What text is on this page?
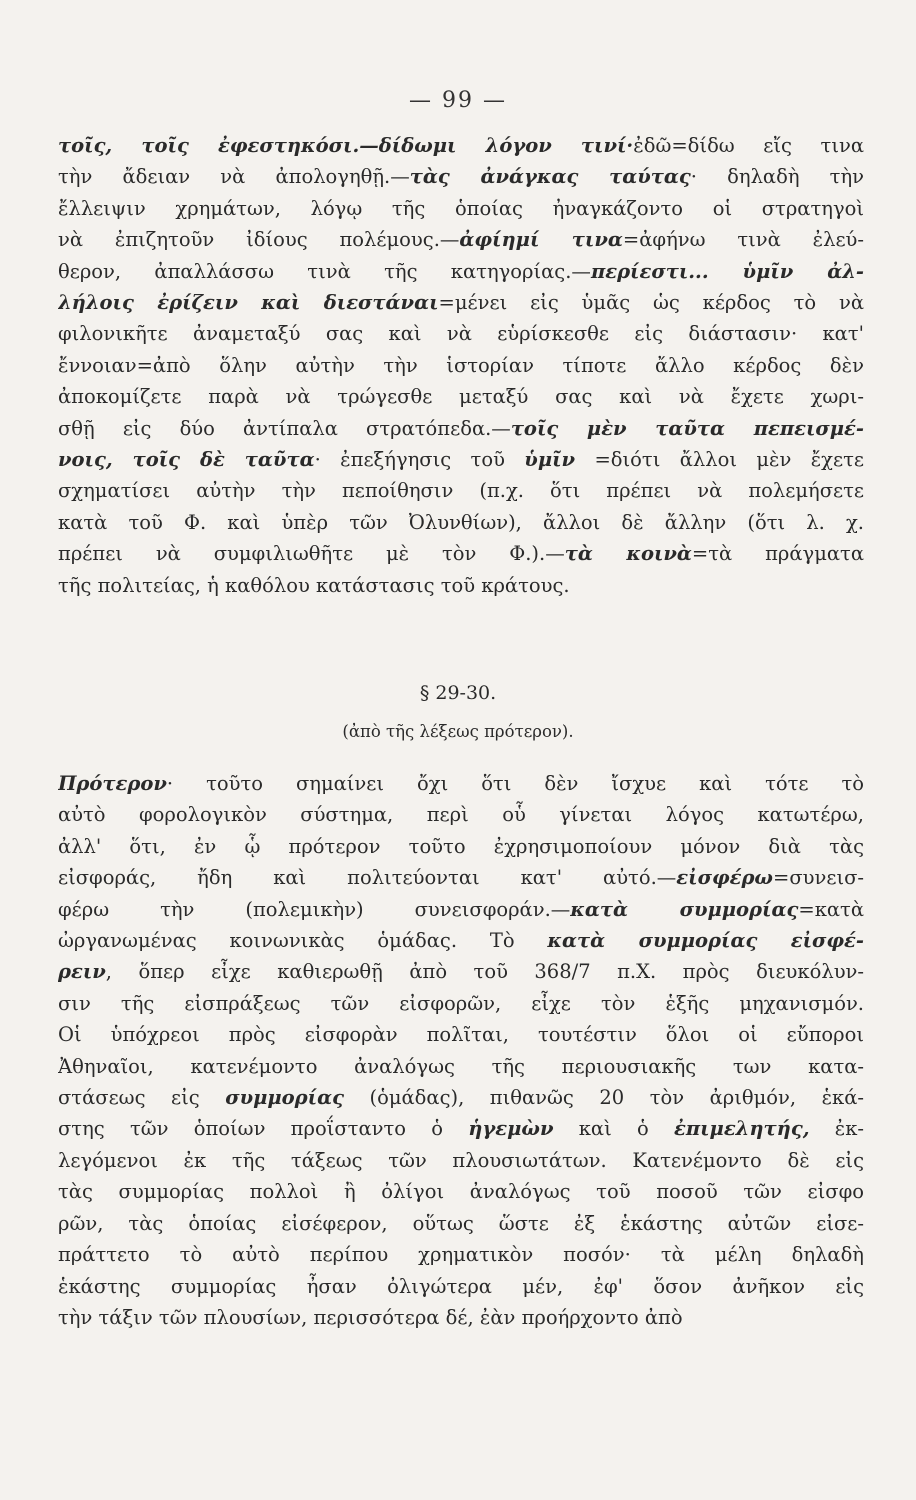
— 99 —
τοῖς, τοῖς ἐφεστηκόσι.—δίδωμι λόγον τινί·ἐδῶ=δίδω εἴς τινα
τὴν ἄδειαν νὰ ἀπολογηθῇ.—τὰς ἀνάγκας ταύτας· δηλαδὴ τὴν
ἔλλειψιν χρημάτων, λόγῳ τῆς ὁποίας ἠναγκάζοντο οἱ στρατηγοὶ
νὰ ἐπιζητοῦν ἰδίους πολέμους.—ἀφίημί τινα=ἀφήνω τινὰ ἐλεύ-
θερον, ἀπαλλάσσω τινὰ τῆς κατηγορίας.—περίεστι... ὑμῖν ἀλ-
λήλοις ἐρίζειν καὶ διεστάναι=μένει εἰς ὑμᾶς ὡς κέρδος τὸ νὰ
φιλονικῆτε ἀναμεταξύ σας καὶ νὰ εὑρίσκεσθε εἰς διάστασιν· κατ'
ἔννοιαν=ἀπὸ ὅλην αὐτὴν τὴν ἱστορίαν τίποτε ἄλλο κέρδος δὲν
ἀποκομίζετε παρὰ νὰ τρώγεσθε μεταξύ σας καὶ νὰ ἔχετε χωρι-
σθῇ εἰς δύο ἀντίπαλα στρατόπεδα.—τοῖς μὲν ταῦτα πεπεισμέ-
νοις, τοῖς δὲ ταῦτα· ἐπεξήγησις τοῦ ὑμῖν =διότι ἄλλοι μὲν ἔχετε
σχηματίσει αὐτὴν τὴν πεποίθησιν (π.χ. ὅτι πρέπει νὰ πολεμήσετε
κατὰ τοῦ Φ. καὶ ὑπὲρ τῶν Ὀλυνθίων), ἄλλοι δὲ ἄλλην (ὅτι λ. χ.
πρέπει νὰ συμφιλιωθῆτε μὲ τὸν Φ.).—τὰ κοινὰ=τὰ πράγματα
τῆς πολιτείας, ἡ καθόλου κατάστασις τοῦ κράτους.
§ 29-30.
(ἀπὸ τῆς λέξεως πρότερον).
Πρότερον· τοῦτο σημαίνει ὄχι ὅτι δὲν ἴσχυε καὶ τότε τὸ
αὐτὸ φορολογικὸν σύστημα, περὶ οὗ γίνεται λόγος κατωτέρω,
ἀλλ' ὅτι, ἐν ᾧ πρότερον τοῦτο ἐχρησιμοποίουν μόνον διὰ τὰς
εἰσφοράς, ἤδη καὶ πολιτεύονται κατ' αὐτό.—εἰσφέρω=συνεισ-
φέρω τὴν (πολεμικὴν) συνεισφοράν.—κατὰ συμμορίας=κατὰ
ὠργανωμένας κοινωνικὰς ὁμάδας. Τὸ κατὰ συμμορίας εἰσφέ-
ρειν, ὅπερ εἶχε καθιερωθῇ ἀπὸ τοῦ 368/7 π.Χ. πρὸς διευκόλυν-
σιν τῆς εἰσπράξεως τῶν εἰσφορῶν, εἶχε τὸν ἑξῆς μηχανισμόν.
Οἱ ὑπόχρεοι πρὸς εἰσφορὰν πολῖται, τουτέστιν ὅλοι οἱ εὔποροι
Ἀθηναῖοι, κατενέμοντο ἀναλόγως τῆς περιουσιακῆς των κατα-
στάσεως εἰς συμμορίας (ὁμάδας), πιθανῶς 20 τὸν ἀριθμόν, ἑκά-
στης τῶν ὁποίων προΐσταντο ὁ ἡγεμὼν καὶ ὁ ἐπιμελητής, ἐκ-
λεγόμενοι ἐκ τῆς τάξεως τῶν πλουσιωτάτων. Κατενέμοντο δὲ εἰς
τὰς συμμορίας πολλοὶ ἢ ὀλίγοι ἀναλόγως τοῦ ποσοῦ τῶν εἰσφο
ρῶν, τὰς ὁποίας εἰσέφερον, οὕτως ὥστε ἐξ ἑκάστης αὐτῶν εἰσε-
πράττετο τὸ αὐτὸ περίπου χρηματικὸν ποσόν· τὰ μέλη δηλαδὴ
ἑκάστης συμμορίας ἦσαν ὀλιγώτερα μέν, ἐφ' ὅσον ἀνῆκον εἰς
τὴν τάξιν τῶν πλουσίων, περισσότερα δέ, ἐὰν προήρχοντο ἀπὸ
